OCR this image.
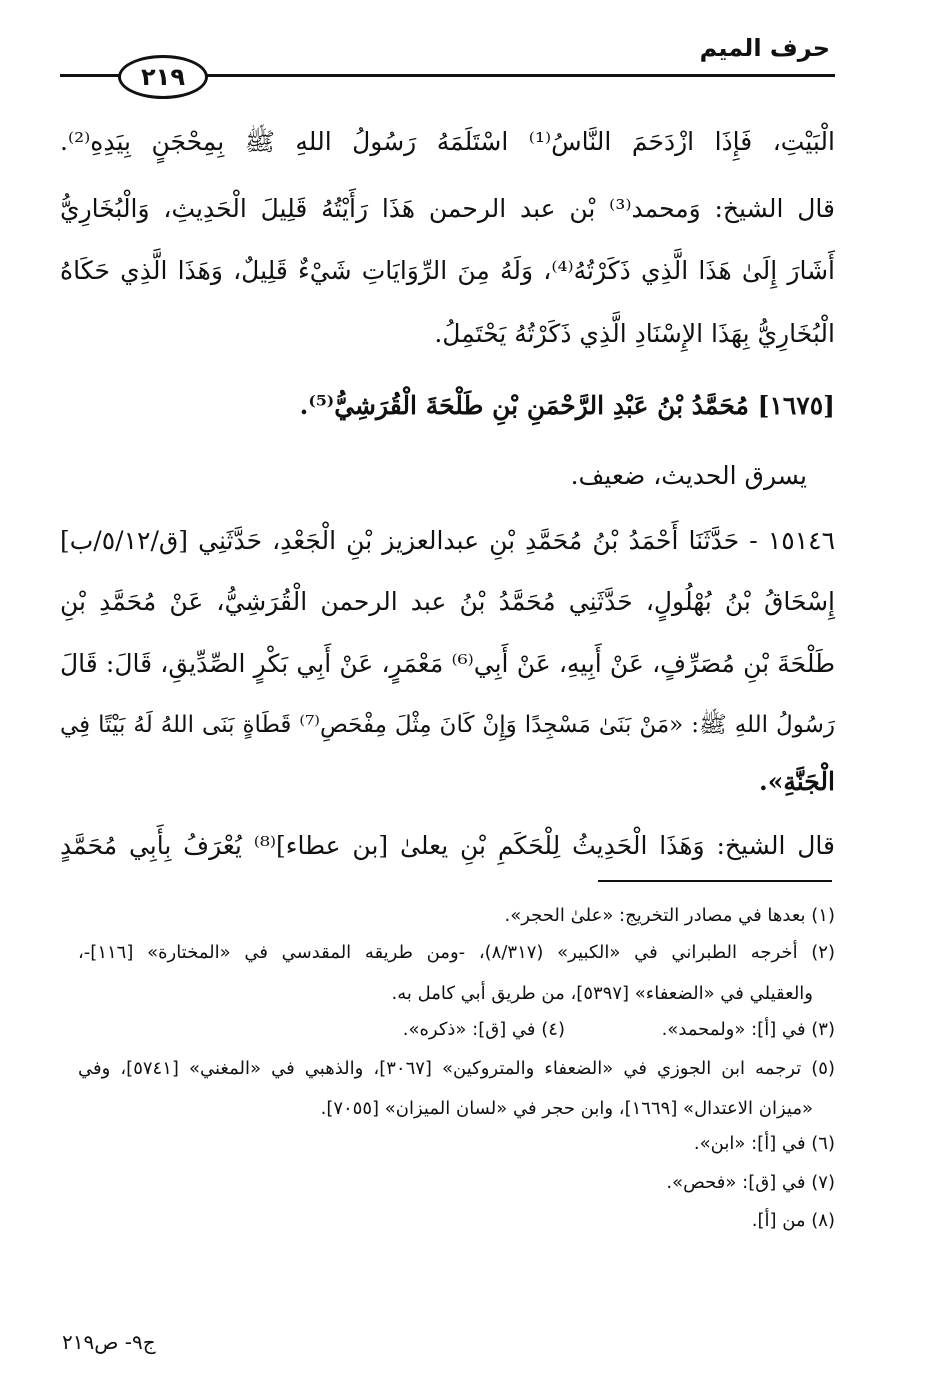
حرف الميم
٢١٩
الْبَيْتِ، فَإِذَا ازْدَحَمَ النَّاسُ⁽¹⁾ اسْتَلَمَهُ رَسُولُ اللهِ ﷺ بِمِحْجَنٍ بِيَدِهِ⁽²⁾.
قال الشيخ: وَمحمد⁽³⁾ بْن عبد الرحمن هَذَا رَأَيْتُهُ قَلِيلَ الْحَدِيثِ، وَالْبُخَارِيُّ
أَشَارَ إِلَىٰ هَذَا الَّذِي ذَكَرْتُهُ⁽⁴⁾، وَلَهُ مِنَ الرِّوَايَاتِ شَيْءٌ قَلِيلٌ، وَهَذَا الَّذِي حَكَاهُ
الْبُخَارِيُّ بِهَذَا الإِسْنَادِ الَّذِي ذَكَرْتُهُ يَحْتَمِلُ.
[١٦٧٥] مُحَمَّدُ بْنُ عَبْدِ الرَّحْمَنِ بْنِ طَلْحَةَ الْقُرَشِيُّ⁽⁵⁾.
يسرق الحديث، ضعيف.
١٥١٤٦ - حَدَّثَنَا أَحْمَدُ بْنُ مُحَمَّدِ بْنِ عبدالعزيز بْنِ الْجَعْدِ، حَدَّثَنِي [ق/٥/١٢/ب]
إِسْحَاقُ بْنُ بُهْلُولٍ، حَدَّثَنِي مُحَمَّدُ بْنُ عبد الرحمن الْقُرَشِيُّ، عَنْ مُحَمَّدِ بْنِ
طَلْحَةَ بْنِ مُصَرِّفٍ، عَنْ أَبِيهِ، عَنْ أَبِي⁽⁶⁾ مَعْمَرٍ، عَنْ أَبِي بَكْرٍ الصِّدِّيقِ، قَالَ: قَالَ
رَسُولُ اللهِ ﷺ: «مَنْ بَنَىٰ مَسْجِدًا وَإِنْ كَانَ مِثْلَ مِفْحَصِ⁽⁷⁾ قَطَاةٍ بَنَى اللهُ لَهُ بَيْتًا فِي
الْجَنَّةِ».
قال الشيخ: وَهَذَا الْحَدِيثُ لِلْحَكَمِ بْنِ يعلىٰ [بن عطاء]⁽⁸⁾ يُعْرَفُ بِأَبِي مُحَمَّدٍ
(١) بعدها في مصادر التخريج: «علىٰ الحجر».
(٢) أخرجه الطبراني في «الكبير» (٨/٣١٧)، -ومن طريقه المقدسي في «المختارة» [١١٦]-،
والعقيلي في «الضعفاء» [٥٣٩٧]، من طريق أبي كامل به.
(٣) في [أ]: «ولمحمد».
(٤) في [ق]: «ذكره».
(٥) ترجمه ابن الجوزي في «الضعفاء والمتروكين» [٣٠٦٧]، والذهبي في «المغني» [٥٧٤١]، وفي
«ميزان الاعتدال» [١٦٦٩]، وابن حجر في «لسان الميزان» [٧٠٥٥].
(٦) في [أ]: «ابن».
(٧) في [ق]: «فحص».
(٨) من [أ].
ج٩- ص٢١٩
